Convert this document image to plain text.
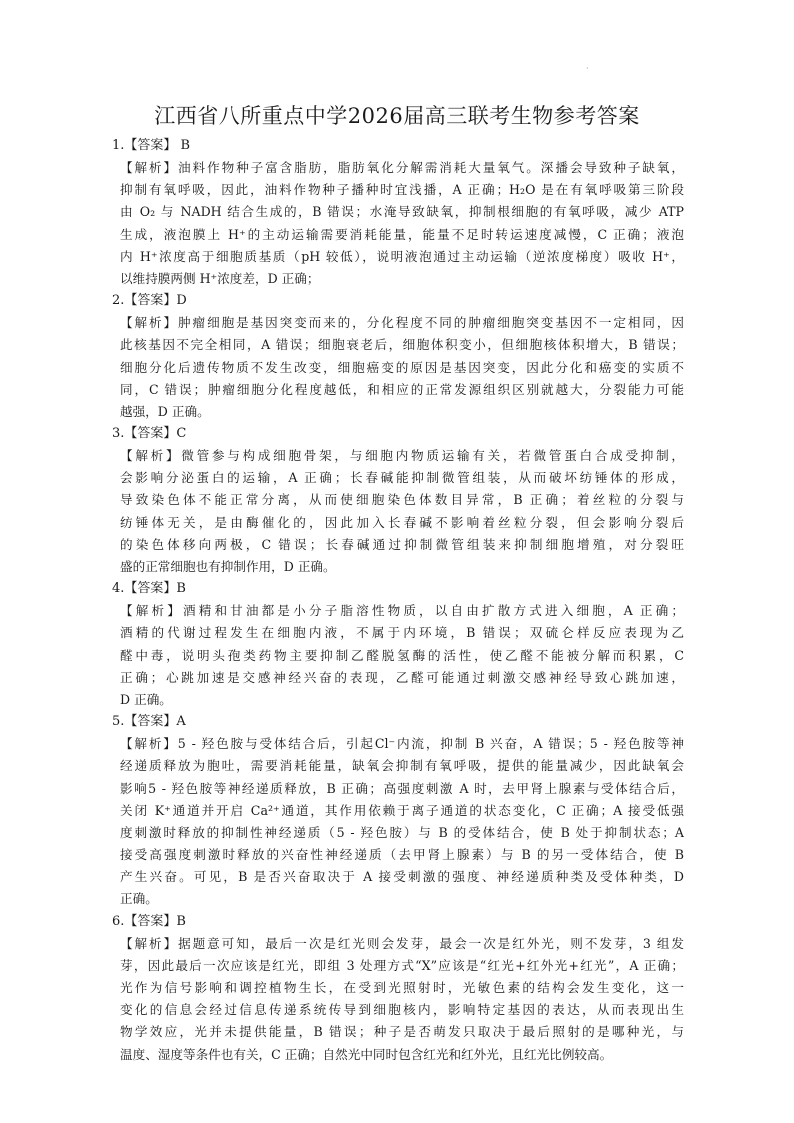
·
江西省八所重点中学2026届高三联考生物参考答案
1.【答案】 B
【解析】油料作物种子富含脂肪，脂肪氧化分解需消耗大量氧气。深播会导致种子缺氧，
抑制有氧呼吸，因此，油料作物种子播种时宜浅播，A 正确；H₂O 是在有氧呼吸第三阶段
由 O₂ 与 NADH 结合生成的，B 错误；水淹导致缺氧，抑制根细胞的有氧呼吸，减少 ATP
生成，液泡膜上 H⁺的主动运输需要消耗能量，能量不足时转运速度减慢，C 正确；液泡
内 H⁺浓度高于细胞质基质（pH 较低），说明液泡通过主动运输（逆浓度梯度）吸收 H⁺，
以维持膜两侧 H⁺浓度差，D 正确；
2.【答案】D
【解析】肿瘤细胞是基因突变而来的，分化程度不同的肿瘤细胞突变基因不一定相同，因
此核基因不完全相同，A 错误；细胞衰老后，细胞体积变小，但细胞核体积增大，B 错误；
细胞分化后遗传物质不发生改变，细胞癌变的原因是基因突变，因此分化和癌变的实质不
同，C 错误；肿瘤细胞分化程度越低，和相应的正常发源组织区别就越大，分裂能力可能
越强，D 正确。
3.【答案】C
【解析】微管参与构成细胞骨架，与细胞内物质运输有关，若微管蛋白合成受抑制，
会影响分泌蛋白的运输，A 正确；长春碱能抑制微管组装，从而破坏纺锤体的形成，
导致染色体不能正常分离，从而使细胞染色体数目异常，B 正确；着丝粒的分裂与
纺锤体无关，是由酶催化的，因此加入长春碱不影响着丝粒分裂，但会影响分裂后
的染色体移向两极，C 错误；长春碱通过抑制微管组装来抑制细胞增殖，对分裂旺
盛的正常细胞也有抑制作用，D 正确。
4.【答案】B
【解析】酒精和甘油都是小分子脂溶性物质，以自由扩散方式进入细胞，A 正确；
酒精的代谢过程发生在细胞内液，不属于内环境，B 错误；双硫仑样反应表现为乙
醛中毒，说明头孢类药物主要抑制乙醛脱氢酶的活性，使乙醛不能被分解而积累，C
正确；心跳加速是交感神经兴奋的表现，乙醛可能通过刺激交感神经导致心跳加速，
D 正确。
5.【答案】A
【解析】5 - 羟色胺与受体结合后，引起Cl⁻内流，抑制 B 兴奋，A 错误；5 - 羟色胺等神
经递质释放为胞吐，需要消耗能量，缺氧会抑制有氧呼吸，提供的能量减少，因此缺氧会
影响5 - 羟色胺等神经递质释放，B 正确；高强度刺激 A 时，去甲肾上腺素与受体结合后，
关闭 K⁺通道并开启 Ca²⁺通道，其作用依赖于离子通道的状态变化，C 正确；A 接受低强
度刺激时释放的抑制性神经递质（5 - 羟色胺）与 B 的受体结合，使 B 处于抑制状态；A
接受高强度刺激时释放的兴奋性神经递质（去甲肾上腺素）与 B 的另一受体结合，使 B
产生兴奋。可见，B 是否兴奋取决于 A 接受刺激的强度、神经递质种类及受体种类，D
正确。
6.【答案】B
【解析】据题意可知，最后一次是红光则会发芽，最会一次是红外光，则不发芽，3 组发
芽，因此最后一次应该是红光，即组 3 处理方式“X”应该是“红光+红外光+红光”，A 正确；
光作为信号影响和调控植物生长，在受到光照射时，光敏色素的结构会发生变化，这一
变化的信息会经过信息传递系统传导到细胞核内，影响特定基因的表达，从而表现出生
物学效应，光并未提供能量，B 错误；种子是否萌发只取决于最后照射的是哪种光，与
温度、湿度等条件也有关，C 正确；自然光中同时包含红光和红外光，且红光比例较高。
